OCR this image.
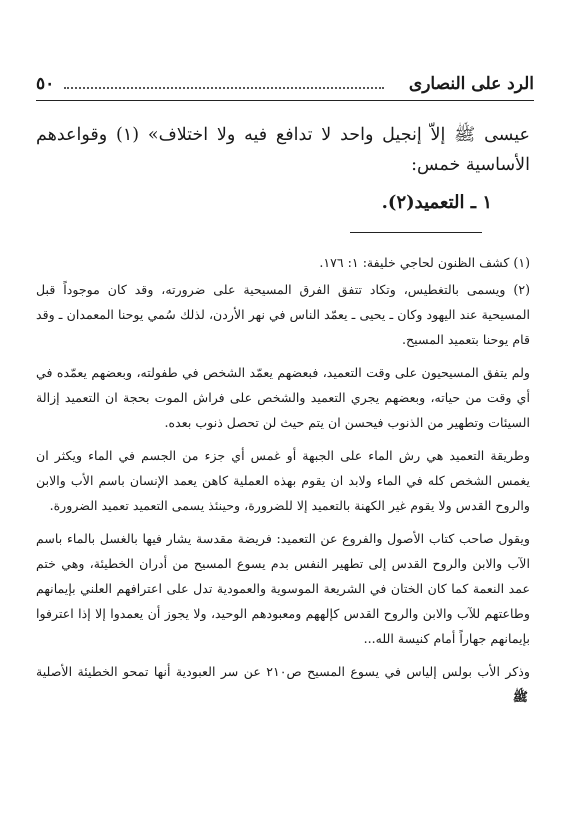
٥٠	الرد على النصارى

عيسى ﷺ إلاّ إنجيل واحد لا تدافع فيه ولا اختلاف» (١) وقواعدهم الأساسية خمس:

١ ـ التعميد(٢).

(١) كشف الظنون لحاجي خليفة: ١: ١٧٦.

(٢) ويسمى بالتغطيس، وتكاد تتفق الفرق المسيحية على ضرورته، وقد كان موجوداً قبل المسيحية عند اليهود وكان ـ يحيى ـ يعمّد الناس في نهر الأردن، لذلك سُمي يوحنا المعمدان ـ وقد قام يوحنا بتعميد المسيح.

ولم يتفق المسيحيون على وقت التعميد، فبعضهم يعمّد الشخص في طفولته، وبعضهم يعمّده في أي وقت من حياته، وبعضهم يجري التعميد والشخص على فراش الموت بحجة ان التعميد إزالة السيئات وتطهير من الذنوب فيحسن ان يتم حيث لن تحصل ذنوب بعده.

وطريقة التعميد هي رش الماء على الجبهة أو غمس أي جزء من الجسم في الماء ويكثر ان يغمس الشخص كله في الماء ولابد ان يقوم بهذه العملية كاهن يعمد الإنسان باسم الأب والابن والروح القدس ولا يقوم غير الكهنة بالتعميد إلا للضرورة، وحينئذ يسمى التعميد تعميد الضرورة.

ويقول صاحب كتاب الأصول والفروع عن التعميد: فريضة مقدسة يشار فيها بالغسل بالماء باسم الآب والابن والروح القدس إلى تطهير النفس بدم يسوع المسيح من أدران الخطيئة، وهي ختم عمد النعمة كما كان الختان في الشريعة الموسوية والعمودية تدل على اعترافهم العلني بإيمانهم وطاعتهم للآب والابن والروح القدس كإلههم ومعبودهم الوحيد، ولا يجوز أن يعمدوا إلا إذا اعترفوا بإيمانهم جهاراً أمام كنيسة الله...

وذكر الأب بولس إلياس في يسوع المسيح ص٢١٠ عن سر العبودية أنها تمحو الخطيئة الأصلية ﷺ
